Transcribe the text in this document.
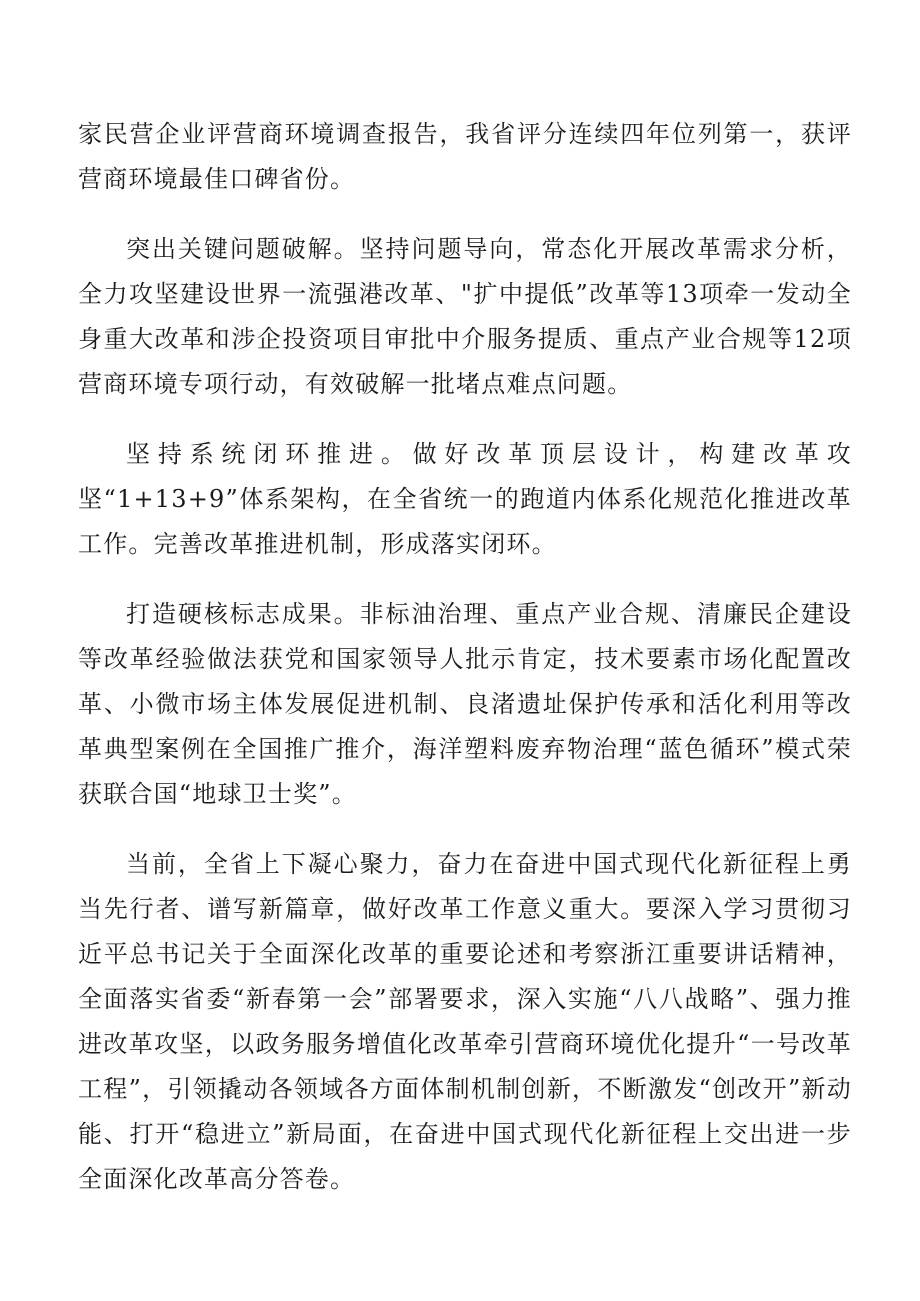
家民营企业评营商环境调查报告，我省评分连续四年位列第一，获评营商环境最佳口碑省份。

突出关键问题破解。坚持问题导向，常态化开展改革需求分析，全力攻坚建设世界一流强港改革、"扩中提低”改革等13项牵一发动全身重大改革和涉企投资项目审批中介服务提质、重点产业合规等12项营商环境专项行动，有效破解一批堵点难点问题。

坚持系统闭环推进。做好改革顶层设计，构建改革攻坚“1+13+9”体系架构，在全省统一的跑道内体系化规范化推进改革工作。完善改革推进机制，形成落实闭环。

打造硬核标志成果。非标油治理、重点产业合规、清廉民企建设等改革经验做法获党和国家领导人批示肯定，技术要素市场化配置改革、小微市场主体发展促进机制、良渚遗址保护传承和活化利用等改革典型案例在全国推广推介，海洋塑料废弃物治理“蓝色循环”模式荣获联合国“地球卫士奖”。

当前，全省上下凝心聚力，奋力在奋进中国式现代化新征程上勇当先行者、谱写新篇章，做好改革工作意义重大。要深入学习贯彻习近平总书记关于全面深化改革的重要论述和考察浙江重要讲话精神，全面落实省委“新春第一会”部署要求，深入实施“八八战略”、强力推进改革攻坚，以政务服务增值化改革牵引营商环境优化提升“一号改革工程”，引领撬动各领域各方面体制机制创新，不断激发“创改开”新动能、打开“稳进立”新局面，在奋进中国式现代化新征程上交出进一步全面深化改革高分答卷。
